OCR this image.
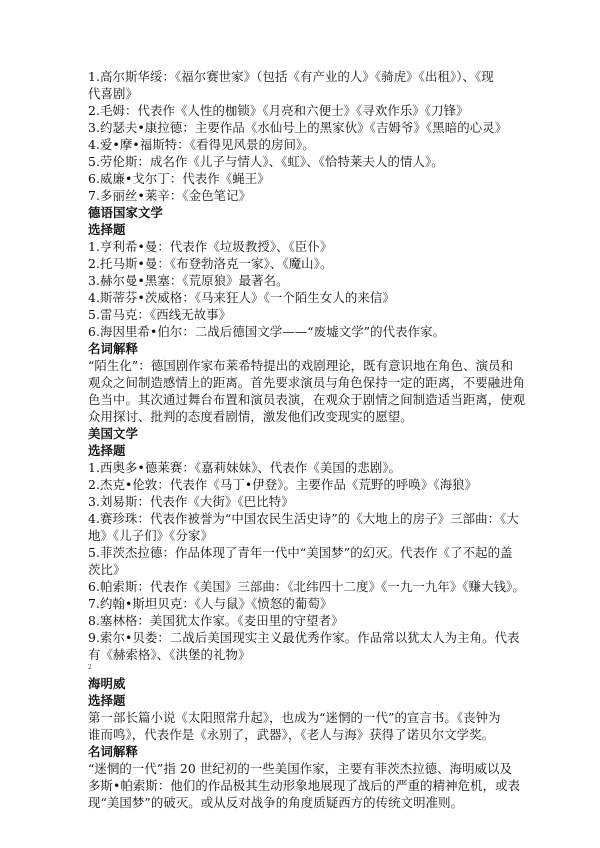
1.高尔斯华绥：《福尔赛世家》（包括《有产业的人》《骑虎》《出租》）、《现
代喜剧》
2.毛姆：代表作《人性的枷锁》《月亮和六便士》《寻欢作乐》《刀锋》
3.约瑟夫•康拉德：主要作品《水仙号上的黑家伙》《吉姆爷》《黑暗的心灵》
4.爱•摩•福斯特：《看得见风景的房间》。
5.劳伦斯：成名作《儿子与情人》、《虹》、《恰特莱夫人的情人》。
6.威廉•戈尔丁：代表作《蝇王》
7.多丽丝•莱辛：《金色笔记》
德语国家文学
选择题
1.亨利希•曼：代表作《垃圾教授》、《臣仆》
2.托马斯•曼：《布登勃洛克一家》、《魔山》。
3.赫尔曼•黑塞：《荒原狼》最著名。
4.斯蒂芬•茨威格：《马来狂人》《一个陌生女人的来信》
5.雷马克：《西线无故事》
6.海因里希•伯尔：二战后德国文学——“废墟文学”的代表作家。
名词解释
“陌生化”：德国剧作家布莱希特提出的戏剧理论，既有意识地在角色、演员和
观众之间制造感情上的距离。首先要求演员与角色保持一定的距离，不要融进角
色当中。其次通过舞台布置和演员表演，在观众于剧情之间制造适当距离，使观
众用探讨、批判的态度看剧情，激发他们改变现实的愿望。
美国文学
选择题
1.西奥多•德莱赛：《嘉莉妹妹》、代表作《美国的悲剧》。
2.杰克•伦敦：代表作《马丁•伊登》。主要作品《荒野的呼唤》《海狼》
3.刘易斯：代表作《大街》《巴比特》
4.赛珍珠：代表作被誉为“中国农民生活史诗”的《大地上的房子》三部曲：《大
地》《儿子们》《分家》
5.菲茨杰拉德：作品体现了青年一代中“美国梦”的幻灭。代表作《了不起的盖
茨比》
6.帕索斯：代表作《美国》三部曲：《北纬四十二度》《一九一九年》《赚大钱》。
7.约翰•斯坦贝克：《人与鼠》《愤怒的葡萄》
8.塞林格：美国犹太作家。《麦田里的守望者》
9.索尔•贝娄：二战后美国现实主义最优秀作家。作品常以犹太人为主角。代表
有《赫索格》、《洪堡的礼物》
海明威
选择题
第一部长篇小说《太阳照常升起》，也成为“迷惘的一代”的宣言书。《丧钟为
谁而鸣》，代表作是《永别了，武器》，《老人与海》获得了诺贝尔文学奖。
名词解释
“迷惘的一代”指 20 世纪初的一些美国作家，主要有菲茨杰拉德、海明威以及
多斯•帕索斯：他们的作品极其生动形象地展现了战后的严重的精神危机，或表
现“美国梦”的破灭。或从反对战争的角度质疑西方的传统文明准则。
2
